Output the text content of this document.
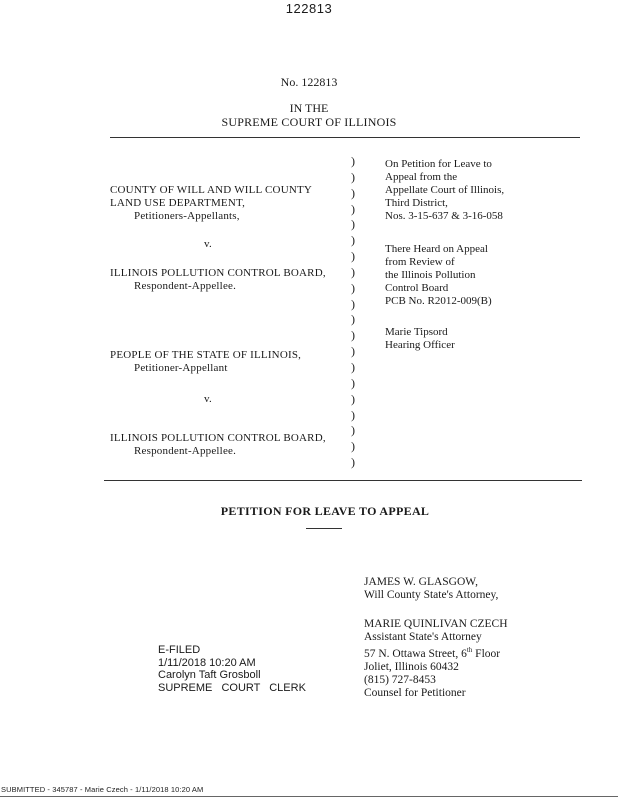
122813
No. 122813
IN THE
SUPREME COURT OF ILLINOIS
COUNTY OF WILL AND WILL COUNTY
LAND USE DEPARTMENT,
Petitioners-Appellants,
v.
ILLINOIS POLLUTION CONTROL BOARD,
Respondent-Appellee.
PEOPLE OF THE STATE OF ILLINOIS,
Petitioner-Appellant
v.
ILLINOIS POLLUTION CONTROL BOARD,
Respondent-Appellee.
)
)
)
)
)
)
)
)
)
)
)
)
)
)
)
)
)
)
)
)
On Petition for Leave to
Appeal from the
Appellate Court of Illinois,
Third District,
Nos. 3-15-637 & 3-16-058
There Heard on Appeal
from Review of
the Illinois Pollution
Control Board
PCB No. R2012-009(B)
Marie Tipsord
Hearing Officer
PETITION FOR LEAVE TO APPEAL
JAMES W. GLASGOW,
Will County State's Attorney,
MARIE QUINLIVAN CZECH
Assistant State's Attorney
57 N. Ottawa Street, 6th Floor
Joliet, Illinois 60432
(815) 727-8453
Counsel for Petitioner
E-FILED
1/11/2018 10:20 AM
Carolyn Taft Grosboll
SUPREME COURT CLERK
SUBMITTED - 345787 - Marie Czech - 1/11/2018 10:20 AM
